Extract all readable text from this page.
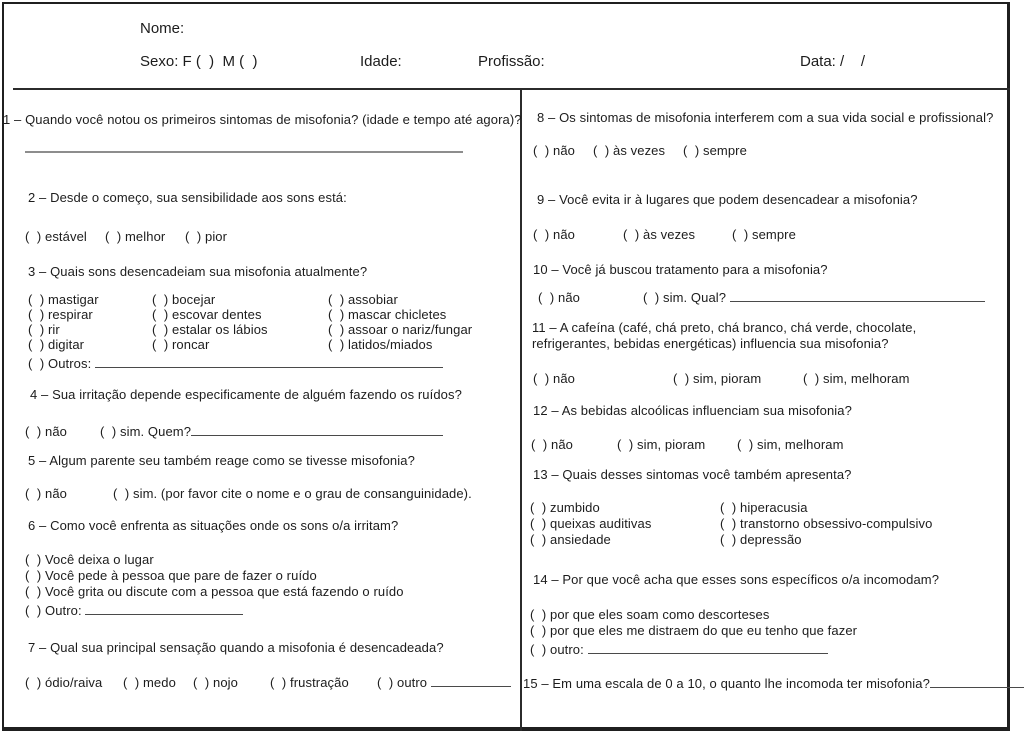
Nome:
Sexo: F (  )  M (  )	Idade:	Profissão:	Data: /    /
1 – Quando você notou os primeiros sintomas de misofonia? (idade e tempo até agora)?
2 – Desde o começo, sua sensibilidade aos sons está:
(  ) estável (  ) melhor (  ) pior
3 – Quais sons desencadeiam sua misofonia atualmente?
(  ) mastigar	(  ) bocejar	(  ) assobiar
(  ) respirar	(  ) escovar dentes	(  ) mascar chicletes
(  ) rir	(  ) estalar os lábios	(  ) assoar o nariz/fungar
(  ) digitar	(  ) roncar	(  ) latidos/miados
(  ) Outros:
4 – Sua irritação depende especificamente de alguém fazendo os ruídos?
(  ) não	(  ) sim. Quem?
5 – Algum parente seu também reage como se tivesse misofonia?
(  ) não	(  ) sim. (por favor cite o nome e o grau de consanguinidade).
6 – Como você enfrenta as situações onde os sons o/a irritam?
(  ) Você deixa o lugar
(  ) Você pede à pessoa que pare de fazer o ruído
(  ) Você grita ou discute com a pessoa que está fazendo o ruído
(  ) Outro:
7 – Qual sua principal sensação quando a misofonia é desencadeada?
(  ) ódio/raiva (  ) medo (  ) nojo (  ) frustração (  ) outro
8 – Os sintomas de misofonia interferem com a sua vida social e profissional?
(  ) não (  ) às vezes (  ) sempre
9 – Você evita ir à lugares que podem desencadear a misofonia?
(  ) não	(  ) às vezes	(  ) sempre
10 – Você já buscou tratamento para a misofonia?
(  ) não	(  ) sim. Qual?
11 – A cafeína (café, chá preto, chá branco, chá verde, chocolate,
refrigerantes, bebidas energéticas) influencia sua misofonia?
(  ) não	(  ) sim, pioram	(  ) sim, melhoram
12 – As bebidas alcoólicas influenciam sua misofonia?
(  ) não	(  ) sim, pioram (  ) sim, melhoram
13 – Quais desses sintomas você também apresenta?
(  ) zumbido	(  ) hiperacusia
(  ) queixas auditivas	(  ) transtorno obsessivo-compulsivo
(  ) ansiedade	(  ) depressão
14 – Por que você acha que esses sons específicos o/a incomodam?
(  ) por que eles soam como descorteses
(  ) por que eles me distraem do que eu tenho que fazer
(  ) outro:
15 – Em uma escala de 0 a 10, o quanto lhe incomoda ter misofonia?
